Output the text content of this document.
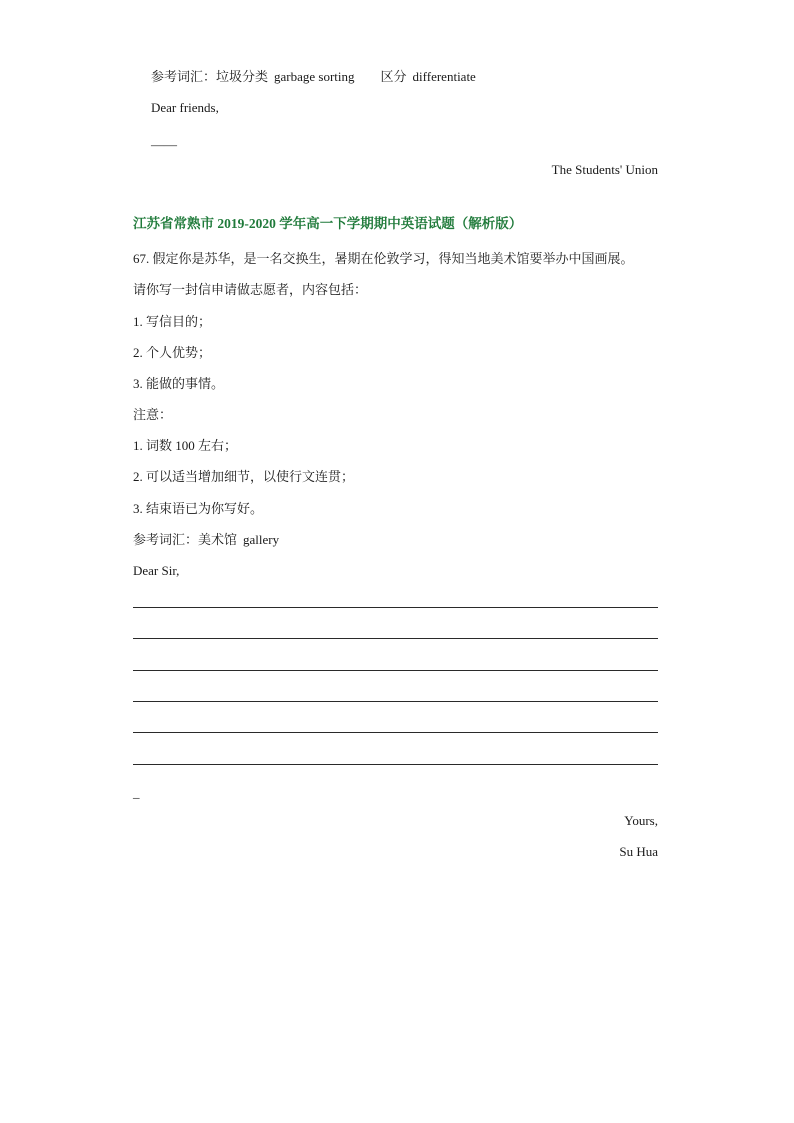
参考词汇：垃圾分类 garbage sorting 区分 differentiate
Dear friends,
——
The Students' Union
江苏省常熟市 2019-2020 学年高一下学期期中英语试题（解析版）
67. 假定你是苏华，是一名交换生，暑期在伦敦学习，得知当地美术馆要举办中国画展。
请你写一封信申请做志愿者，内容包括：
1. 写信目的；
2. 个人优势；
3. 能做的事情。
注意：
1. 词数 100 左右；
2. 可以适当增加细节，以使行文连贯；
3. 结束语已为你写好。
参考词汇：美术馆 gallery
Dear Sir,
_
Yours,
Su Hua
